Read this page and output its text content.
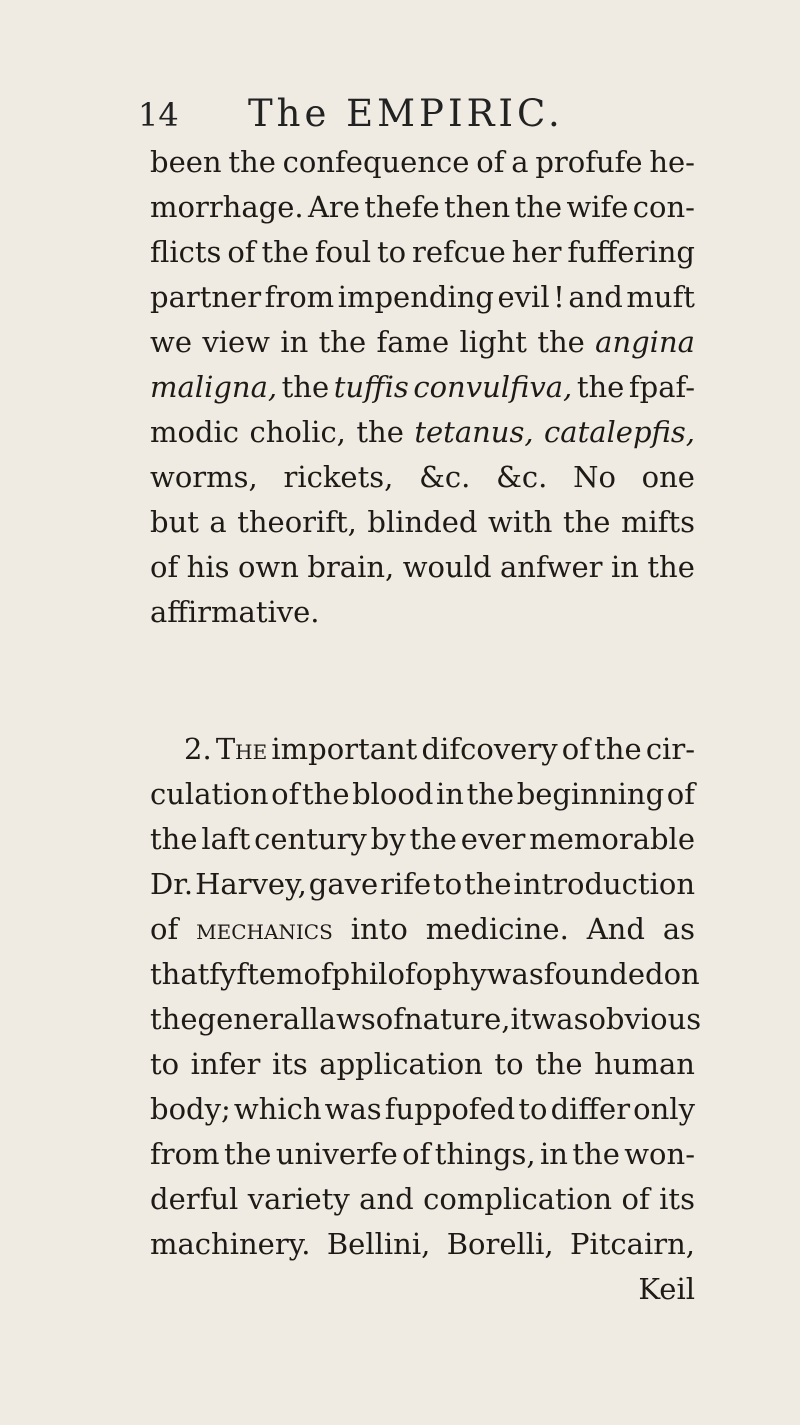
14	The EMPIRIC.
been the confequence of a profufe he-
morrhage. Are thefe then the wife con-
flicts of the foul to refcue her fuffering
partner from impending evil ! and muft
we view in the fame light the angina
maligna, the tuffis convulfiva, the fpaf-
modic cholic, the tetanus, catalepfis,
worms, rickets, &c. &c. No one
but a theorift, blinded with the mifts
of his own brain, would anfwer in the
affirmative.
2. The important difcovery of the cir-
culation of the blood in the beginning of
the laft century by the ever memorable
Dr. Harvey, gave rife to the introduction
of mechanics into medicine. And as
that fyftem of philofophy was founded on
the general laws of nature, it was obvious
to infer its application to the human
body; which was fuppofed to differ only
from the univerfe of things, in the won-
derful variety and complication of its
machinery. Bellini, Borelli, Pitcairn,
Keil
